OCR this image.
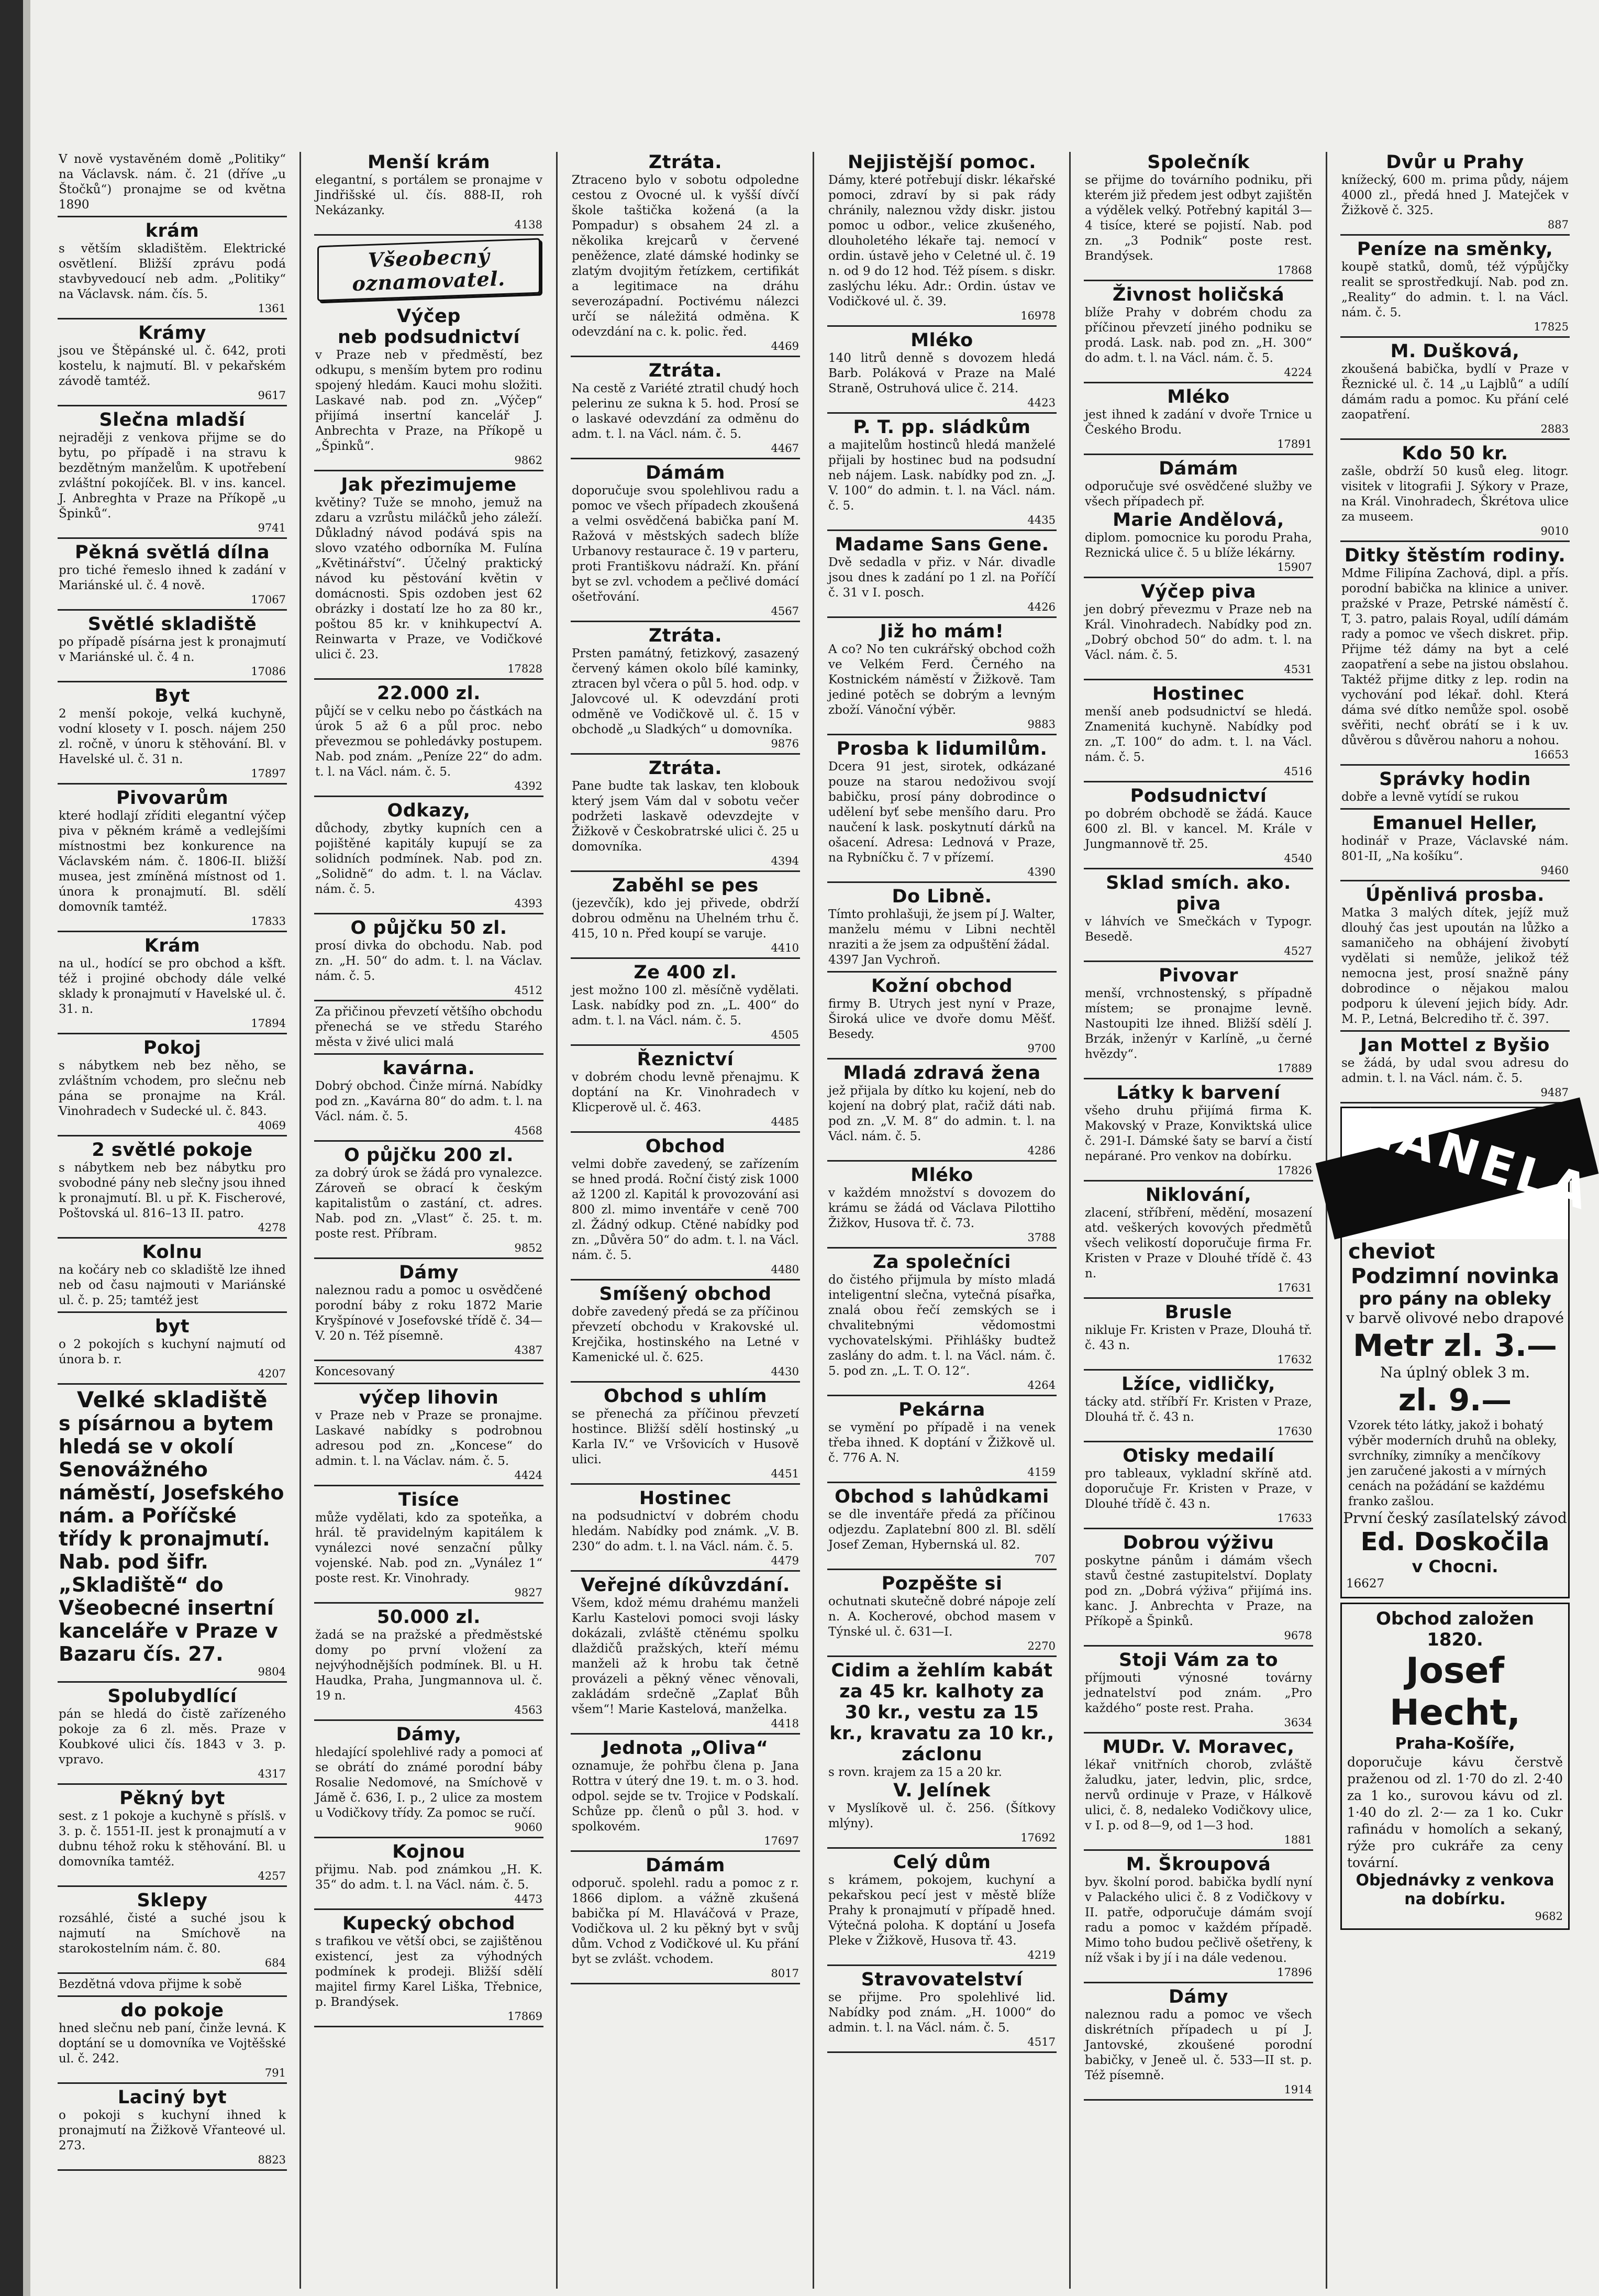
V nově vystavěném domě „Politiky“ na Václavsk. nám. č. 21 (dříve „u Štočků“) pronajme se od května 1890
krám
s větším skladištěm. Elektrické osvětlení. Bližší zprávu podá stavbyvedoucí neb adm. „Politiky“ na Václavsk. nám. čís. 5.
1361
Krámy
jsou ve Štěpánské ul. č. 642, proti kostelu, k najmutí. Bl. v pekařském závodě tamtéž.
9617
Slečna mladší
nejraději z venkova přijme se do bytu, po případě i na stravu k bezdětným manželům. K upotřebení zvláštní pokojíček. Bl. v ins. kancel. J. Anbreghta v Praze na Příkopě „u Špinků“.
9741
Pěkná světlá dílna
pro tiché řemeslo ihned k zadání v Mariánské ul. č. 4 nově.
17067
Světlé skladiště
po případě písárna jest k pronajmutí v Mariánské ul. č. 4 n.
17086
Byt
2 menší pokoje, velká kuchyně, vodní klosety v I. posch. nájem 250 zl. ročně, v únoru k stěhování. Bl. v Havelské ul. č. 31 n.
17897
Pivovarům
které hodlají zříditi elegantní výčep piva v pěkném krámě a vedlejšími místnostmi bez konkurence na Václavském nám. č. 1806-II. bližší musea, jest zmíněná místnost od 1. února k pronajmutí. Bl. sdělí domovník tamtéž.
17833
Krám
na ul., hodící se pro obchod a kšft. též i projiné obchody dále velké sklady k pronajmutí v Havelské ul. č. 31. n.
17894
Pokoj
s nábytkem neb bez něho, se zvláštním vchodem, pro slečnu neb pána se pronajme na Král. Vinohradech v Sudecké ul. č. 843.
4069
2 světlé pokoje
s nábytkem neb bez nábytku pro svobodné pány neb slečny jsou ihned k pronajmutí. Bl. u př. K. Fischerové, Poštovská ul. 816–13 II. patro.
4278
Kolnu
na kočáry neb co skladiště lze ihned neb od času najmouti v Mariánské ul. č. p. 25; tamtéž jest
byt
o 2 pokojích s kuchyní najmutí od února b. r.
4207
Velké skladiště
s písárnou a bytem hledá se v okolí Senovážného náměstí, Josefského nám. a Poříčské třídy k pronajmutí. Nab. pod šifr. „Skladiště“ do Všeobecné insertní kanceláře v Praze v Bazaru čís. 27.
9804
Spolubydlící
pán se hledá do čistě zařízeného pokoje za 6 zl. měs. Praze v Koubkové ulici čís. 1843 v 3. p. vpravo.
4317
Pěkný byt
sest. z 1 pokoje a kuchyně s příslš. v 3. p. č. 1551-II. jest k pronajmutí a v dubnu téhož roku k stěhování. Bl. u domovníka tamtéž.
4257
Sklepy
rozsáhlé, čisté a suché jsou k najmutí na Smíchově na starokostelním nám. č. 80.
684
Bezdětná vdova přijme k sobě
do pokoje
hned slečnu neb paní, činže levná. K doptání se u domovníka ve Vojtěšské ul. č. 242.
791
Laciný byt
o pokoji s kuchyní ihned k pronajmutí na Žižkově Vřanteové ul. 273.
8823
Menší krám
elegantní, s portálem se pronajme v Jindřišské ul. čís. 888-II, roh Nekázanky.
4138
Všeobecný
oznamovatel.
Výčep
neb podsudnictví
v Praze neb v předměstí, bez odkupu, s menším bytem pro rodinu spojený hledám. Kauci mohu složiti. Laskavé nab. pod zn. „Výčep“ přijímá insertní kancelář J. Anbrechta v Praze, na Příkopě u „Špinků“.
9862
Jak přezimujeme
květiny? Tuže se mnoho, jemuž na zdaru a vzrůstu miláčků jeho záleží. Důkladný návod podává spis na slovo vzatého odborníka M. Fulína „Květinářství“. Účelný praktický návod ku pěstování květin v domácnosti. Spis ozdoben jest 62 obrázky i dostatí lze ho za 80 kr., poštou 85 kr. v knihkupectví A. Reinwarta v Praze, ve Vodičkové ulici č. 23.
17828
22.000 zl.
půjčí se v celku nebo po částkách na úrok 5 až 6 a půl proc. nebo převezmou se pohledávky postupem. Nab. pod znám. „Peníze 22“ do adm. t. l. na Václ. nám. č. 5.
4392
Odkazy,
důchody, zbytky kupních cen a pojištěné kapitály kupují se za solidních podmínek. Nab. pod zn. „Solidně“ do adm. t. l. na Václav. nám. č. 5.
4393
O půjčku 50 zl.
prosí divka do obchodu. Nab. pod zn. „H. 50“ do adm. t. l. na Václav. nám. č. 5.
4512
Za přičinou převzetí většího obchodu přenechá se ve středu Starého města v živé ulici malá
kavárna.
Dobrý obchod. Činže mírná. Nabídky pod zn. „Kavárna 80“ do adm. t. l. na Václ. nám. č. 5.
4568
O půjčku 200 zl.
za dobrý úrok se žádá pro vynalezce. Zároveň se obrací k českým kapitalistům o zastání, ct. adres. Nab. pod zn. „Vlast“ č. 25. t. m. poste rest. Příbram.
9852
Dámy
naleznou radu a pomoc u osvědčené porodní báby z roku 1872 Marie Kryšpínové v Josefovské třídě č. 34—V. 20 n. Též písemně.
4387
Koncesovaný
výčep lihovin
v Praze neb v Praze se pronajme. Laskavé nabídky s podrobnou adresou pod zn. „Koncese“ do admin. t. l. na Václav. nám. č. 5.
4424
Tisíce
může vydělati, kdo za spoteňka, a hrál. tě pravidelným kapitálem k vynálezci nové senzační půlky vojenské. Nab. pod zn. „Vynález 1“ poste rest. Kr. Vinohrady.
9827
50.000 zl.
žadá se na pražské a předměstské domy po první vložení za nejvýhodnějších podmínek. Bl. u H. Haudka, Praha, Jungmannova ul. č. 19 n.
4563
Dámy,
hledající spolehlivé rady a pomoci ať se obrátí do známé porodní báby Rosalie Nedomové, na Smíchově v Jámě č. 636, I. p., 2 ulice za mostem u Vodičkovy třídy. Za pomoc se ručí.
9060
Kojnou
přijmu. Nab. pod známkou „H. K. 35“ do adm. t. l. na Václ. nám. č. 5.
4473
Kupecký obchod
s trafikou ve větší obci, se zajištěnou existencí, jest za výhodných podmínek k prodeji. Bližší sdělí majitel firmy Karel Liška, Třebnice, p. Brandýsek.
17869
Ztráta.
Ztraceno bylo v sobotu odpoledne cestou z Ovocné ul. k vyšší dívčí škole taštička kožená (a la Pompadur) s obsahem 24 zl. a několika krejcarů v červené peněžence, zlaté dámské hodinky se zlatým dvojitým řetízkem, certifikát a legitimace na dráhu severozápadní. Poctivému nálezci určí se náležitá odměna. K odevzdání na c. k. polic. řed.
4469
Ztráta.
Na cestě z Variété ztratil chudý hoch pelerinu ze sukna k 5. hod. Prosí se o laskavé odevzdání za odměnu do adm. t. l. na Václ. nám. č. 5.
4467
Dámám
doporučuje svou spolehlivou radu a pomoc ve všech případech zkoušená a velmi osvědčená babička paní M. Ražová v městských sadech blíže Urbanovy restaurace č. 19 v parteru, proti Františkovu nádraží. Kn. přání byt se zvl. vchodem a pečlivé domácí ošetřování.
4567
Ztráta.
Prsten památný, fetizkový, zasazený červený kámen okolo bílé kaminky, ztracen byl včera o půl 5. hod. odp. v Jalovcové ul. K odevzdání proti odměně ve Vodičkově ul. č. 15 v obchodě „u Sladkých“ u domovníka.
9876
Ztráta.
Pane budte tak laskav, ten klobouk který jsem Vám dal v sobotu večer podržeti laskavě odevzdejte v Žižkově v Českobratrské ulici č. 25 u domovníka.
4394
Zaběhl se pes
(jezevčík), kdo jej přivede, obdrží dobrou odměnu na Uhelném trhu č. 415, 10 n. Před koupí se varuje.
4410
Ze 400 zl.
jest možno 100 zl. měsíčně vydělati. Lask. nabídky pod zn. „L. 400“ do adm. t. l. na Václ. nám. č. 5.
4505
Řeznictví
v dobrém chodu levně přenajmu. K doptání na Kr. Vinohradech v Klicperově ul. č. 463.
4485
Obchod
velmi dobře zavedený, se zařízením se hned prodá. Roční čistý zisk 1000 až 1200 zl. Kapitál k provozování asi 800 zl. mimo inventáře v ceně 700 zl. Žádný odkup. Ctěné nabídky pod zn. „Důvěra 50“ do adm. t. l. na Václ. nám. č. 5.
4480
Smíšený obchod
dobře zavedený předá se za příčinou převzetí obchodu v Krakovské ul. Krejčika, hostinského na Letné v Kamenické ul. č. 625.
4430
Obchod s uhlím
se přenechá za příčinou převzetí hostince. Bližší sdělí hostinský „u Karla IV.“ ve Vršovicích v Husově ulici.
4451
Hostinec
na podsudnictví v dobrém chodu hledám. Nabídky pod známk. „V. B. 230“ do adm. t. l. na Václ. nám. č. 5.
4479
Veřejné díkůvzdání.
Všem, kdož mému drahému manželi Karlu Kastelovi pomoci svoji lásky dokázali, zvláště ctěnému spolku dlaždičů pražských, kteří mému manželi až k hrobu tak četně provázeli a pěkný věnec věnovali, zakládám srdečně „Zaplať Bůh všem“! Marie Kastelová, manželka.
4418
Jednota „Oliva“
oznamuje, že pohřbu člena p. Jana Rottra v úterý dne 19. t. m. o 3. hod. odpol. sejde se tv. Trojice v Podskalí. Schůze pp. členů o půl 3. hod. v spolkovém.
17697
Dámám
odporuč. spolehl. radu a pomoc z r. 1866 diplom. a vážně zkušená babička pí M. Hlaváčová v Praze, Vodičkova ul. 2 ku pěkný byt v svůj dům. Vchod z Vodičkové ul. Ku přání byt se zvlášt. vchodem.
8017
Nejjistější pomoc.
Dámy, které potřebují diskr. lékařské pomoci, zdraví by si pak rády chránily, naleznou vždy diskr. jistou pomoc u odbor., velice zkušeného, dlouholetého lékaře taj. nemocí v ordin. ústavě jeho v Celetné ul. č. 19 n. od 9 do 12 hod. Též písem. s diskr. zaslýchu léku. Adr.: Ordin. ústav ve Vodičkové ul. č. 39.
16978
Mléko
140 litrů denně s dovozem hledá Barb. Poláková v Praze na Malé Straně, Ostruhová ulice č. 214.
4423
P. T. pp. sládkům
a majitelům hostinců hledá manželé přijali by hostinec bud na podsudní neb nájem. Lask. nabídky pod zn. „J. V. 100“ do admin. t. l. na Václ. nám. č. 5.
4435
Madame Sans Gene.
Dvě sedadla v přiz. v Nár. divadle jsou dnes k zadání po 1 zl. na Poříčí č. 31 v I. posch.
4426
Již ho mám!
A co? No ten cukrářský obchod cožh ve Velkém Ferd. Černého na Kostnickém náměstí v Žižkově. Tam jediné potěch se dobrým a levným zboží. Vánoční výběr.
9883
Prosba k lidumilům.
Dcera 91 jest, sirotek, odkázané pouze na starou nedoživou svojí babičku, prosí pány dobrodince o udělení byť sebe menšího daru. Pro naučení k lask. poskytnutí dárků na ošacení. Adresa: Lednová v Praze, na Rybníčku č. 7 v přízemí.
4390
Do Libně.
Tímto prohlašuji, že jsem pí J. Walter, manželu mému v Libni nechtěl nraziti a že jsem za odpuštění žádal.
4397 Jan Vychroň.
Kožní obchod
firmy B. Utrych jest nyní v Praze, Široká ulice ve dvoře domu Měšť. Besedy.
9700
Mladá zdravá žena
jež přijala by dítko ku kojení, neb do kojení na dobrý plat, račiž dáti nab. pod zn. „V. M. 8“ do admin. t. l. na Václ. nám. č. 5.
4286
Mléko
v každém množství s dovozem do krámu se žádá od Václava Pilottiho Žižkov, Husova tř. č. 73.
3788
Za společníci
do čistého přijmula by místo mladá inteligentní slečna, vytečná písařka, znalá obou řečí zemských se i chvalitebnými vědomostmi vychovatelskými. Přihlášky budtež zaslány do adm. t. l. na Václ. nám. č. 5. pod zn. „L. T. O. 12“.
4264
Pekárna
se vymění po případě i na venek třeba ihned. K doptání v Žižkově ul. č. 776 A. N.
4159
Obchod s lahůdkami
se dle inventáře předá za příčinou odjezdu. Zaplatební 800 zl. Bl. sdělí Josef Zeman, Hybernská ul. 82.
707
Pozpěšte si
ochutnati skutečně dobré nápoje zelí n. A. Kocherové, obchod masem v Týnské ul. č. 631—I.
2270
Cidim a žehlím kabát za 45 kr. kalhoty za 30 kr., vestu za 15 kr., kravatu za 10 kr., záclonu
s rovn. krajem za 15 a 20 kr.
V. Jelínek
v Myslíkově ul. č. 256. (Šítkovy mlýny).
17692
Celý dům
s krámem, pokojem, kuchyní a pekařskou pecí jest v městě blíže Prahy k pronajmutí v případě hned. Výtečná poloha. K doptání u Josefa Pleke v Žižkově, Husova tř. 43.
4219
Stravovatelství
se přijme. Pro spolehlivé lid. Nabídky pod znám. „H. 1000“ do admin. t. l. na Václ. nám. č. 5.
4517
Společník
se přijme do továrního podniku, při kterém již předem jest odbyt zajištěn a výdělek velký. Potřebný kapitál 3—4 tisíce, které se pojistí. Nab. pod zn. „3 Podnik“ poste rest. Brandýsek.
17868
Živnost holičská
blíže Prahy v dobrém chodu za příčinou převzetí jiného podniku se prodá. Lask. nab. pod zn. „H. 300“ do adm. t. l. na Václ. nám. č. 5.
4224
Mléko
jest ihned k zadání v dvoře Trnice u Českého Brodu.
17891
Dámám
odporučuje své osvědčené služby ve všech případech př.
Marie Andělová,
diplom. pomocnice ku porodu Praha, Reznická ulice č. 5 u blíže lékárny.
15907
Výčep piva
jen dobrý převezmu v Praze neb na Král. Vinohradech. Nabídky pod zn. „Dobrý obchod 50“ do adm. t. l. na Václ. nám. č. 5.
4531
Hostinec
menší aneb podsudnictví se hledá. Znamenitá kuchyně. Nabídky pod zn. „T. 100“ do adm. t. l. na Václ. nám. č. 5.
4516
Podsudnictví
po dobrém obchodě se žádá. Kauce 600 zl. Bl. v kancel. M. Krále v Jungmannově tř. 25.
4540
Sklad smích. ako. piva
v láhvích ve Smečkách v Typogr. Besedě.
4527
Pivovar
menší, vrchnostenský, s případně místem; se pronajme levně. Nastoupiti lze ihned. Bližší sdělí J. Brzák, inženýr v Karlíně, „u černé hvězdy“.
17889
Látky k barvení
všeho druhu přijímá firma K. Makovský v Praze, Konviktská ulice č. 291-I. Dámské šaty se barví a čistí nepárané. Pro venkov na dobírku.
17826
Niklování,
zlacení, stříbření, mědění, mosazení atd. veškerých kovových předmětů všech velikostí doporučuje firma Fr. Kristen v Praze v Dlouhé třídě č. 43 n.
17631
Brusle
nikluje Fr. Kristen v Praze, Dlouhá tř. č. 43 n.
17632
Lžíce, vidličky,
tácky atd. stříbří Fr. Kristen v Praze, Dlouhá tř. č. 43 n.
17630
Otisky medailí
pro tableaux, vykladní skříně atd. doporučuje Fr. Kristen v Praze, v Dlouhé třídě č. 43 n.
17633
Dobrou výživu
poskytne pánům i dámám všech stavů čestné zastupitelství. Doplaty pod zn. „Dobrá výživa“ přijímá ins. kanc. J. Anbrechta v Praze, na Příkopě a Špinků.
9678
Stoji Vám za to
příjmouti výnosné továrny jednatelství pod znám. „Pro každého“ poste rest. Praha.
3634
MUDr. V. Moravec,
lékař vnitřních chorob, zvláště žaludku, jater, ledvin, plic, srdce, nervů ordinuje v Praze, v Hálkově ulici, č. 8, nedaleko Vodičkovy ulice, v I. p. od 8—9, od 1—3 hod.
1881
M. Škroupová
byv. školní porod. babička bydlí nyní v Palackého ulici č. 8 z Vodičkovy v II. patře, odporučuje dámám svojí radu a pomoc v každém případě. Mimo toho budou pečlivě ošetřeny, k níž však i by jí i na dále vedenou.
17896
Dámy
naleznou radu a pomoc ve všech diskrétních případech u pí J. Jantovské, zkoušené porodní babičky, v Jeneě ul. č. 533—II st. p. Též písemně.
1914
Dvůr u Prahy
knížecký, 600 m. prima půdy, nájem 4000 zl., předá hned J. Matejček v Žižkově č. 325.
887
Peníze na směnky,
koupě statků, domů, též výpůjčky realit se sprostředkují. Nab. pod zn. „Reality“ do admin. t. l. na Václ. nám. č. 5.
17825
M. Dušková,
zkoušená babička, bydlí v Praze v Řeznické ul. č. 14 „u Lajblů“ a udílí dámám radu a pomoc. Ku přání celé zaopatření.
2883
Kdo 50 kr.
zašle, obdrží 50 kusů eleg. litogr. visitek v litografii J. Sýkory v Praze, na Král. Vinohradech, Škrétova ulice za museem.
9010
Ditky štěstím rodiny.
Mdme Filipína Zachová, dipl. a přís. porodní babička na klinice a univer. pražské v Praze, Petrské náměstí č. T, 3. patro, palais Royal, udílí dámám rady a pomoc ve všech diskret. přip. Přijme též dámy na byt a celé zaopatření a sebe na jistou obslahou. Taktéž přijme ditky z lep. rodin na vychování pod lékař. dohl. Která dáma své dítko nemůže spol. osobě svěřiti, nechť obrátí se i k uv. důvěrou s důvěrou nahoru a nohou.
16653
Správky hodin
dobře a levně vytídí se rukou
Emanuel Heller,
hodinář v Praze, Václavské nám. 801-II, „Na košíku“.
9460
Úpěnlivá prosba.
Matka 3 malých dítek, jejíž muž dlouhý čas jest upoután na lůžko a samaničeho na obhájení živobytí vydělati si nemůže, jelikož též nemocna jest, prosí snažně pány dobrodince o nějakou malou podporu k úlevení jejich bídy. Adr. M. P., Letná, Belcrediho tř. č. 397.
Jan Mottel z Byšio
se žádá, by udal svou adresu do admin. t. l. na Václ. nám. č. 5.
9487
ZANELA
cheviot
Podzimní novinka
pro pány na obleky
v barvě olivové nebo drapové
Metr zl. 3.—
Na úplný oblek 3 m.
zl. 9.—
Vzorek této látky, jakož i bohatý výběr moderních druhů na obleky, svrchníky, zimníky a menčíkovy jen zaručené jakosti a v mírných cenách na požádání se každému franko zašlou.
První český zasílatelský závod
Ed. Doskočila
v Chocni.
16627
Obchod založen 1820.
Josef Hecht,
Praha-Košíře,
doporučuje kávu čerstvě praženou od zl. 1·70 do zl. 2·40 za 1 ko., surovou kávu od zl. 1·40 do zl. 2·— za 1 ko. Cukr rafinádu v homolích a sekaný, rýže pro cukráře za ceny tovární.
Objednávky z venkova na dobírku.
9682
